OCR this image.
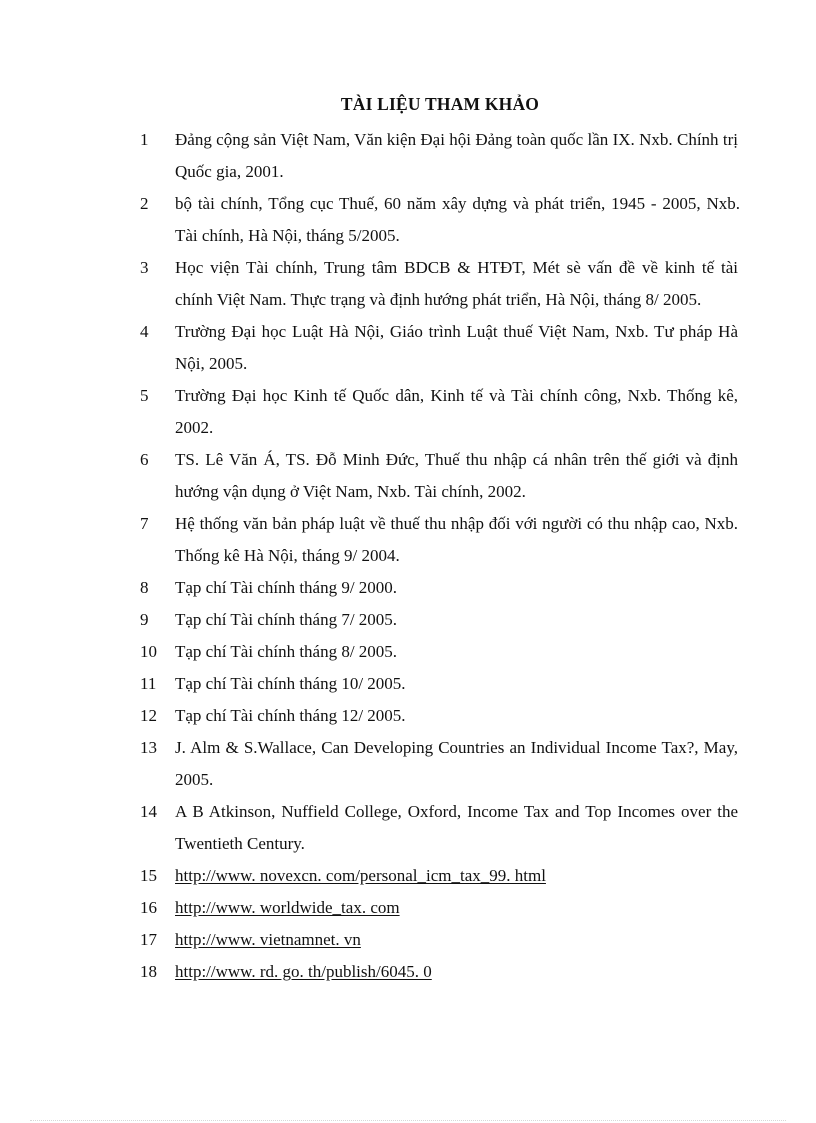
TÀI LIỆU THAM KHẢO
1	Đảng cộng sản Việt Nam, Văn kiện Đại hội Đảng toàn quốc lần IX. Nxb. Chính trị Quốc gia, 2001.
2 bộ tài chính, Tổng cục Thuế, 60 năm xây dựng và phát triển, 1945 - 2005, Nxb. Tài chính, Hà Nội, tháng 5/2005.
3	Học viện Tài chính, Trung tâm BDCB & HTĐT, Mét sè vấn đề về kinh tế tài chính Việt Nam. Thực trạng và định hướng phát triển, Hà Nội, tháng 8/ 2005.
4	Trường Đại học Luật Hà Nội, Giáo trình Luật thuế Việt Nam, Nxb. Tư pháp Hà Nội, 2005.
5	Trường Đại học Kinh tế Quốc dân, Kinh tế và Tài chính công, Nxb. Thống kê, 2002.
6	TS. Lê Văn Á, TS. Đỗ Minh Đức, Thuế thu nhập cá nhân trên thế giới và định hướng vận dụng ở Việt Nam, Nxb. Tài chính, 2002.
7	Hệ thống văn bản pháp luật về thuế thu nhập đối với người có thu nhập cao, Nxb. Thống kê Hà Nội, tháng 9/ 2004.
8	Tạp chí Tài chính tháng 9/ 2000.
9	Tạp chí Tài chính tháng 7/ 2005.
10	Tạp chí Tài chính tháng 8/ 2005.
11	Tạp chí Tài chính tháng 10/ 2005.
12	Tạp chí Tài chính tháng 12/ 2005.
13	J. Alm & S.Wallace, Can Developing Countries an Individual Income Tax?, May, 2005.
14	A B Atkinson, Nuffield College, Oxford, Income Tax and Top Incomes over the Twentieth Century.
15	http://www. novexcn. com/personal_icm_tax_99. html
16	http://www. worldwide_tax. com
17	http://www. vietnamnet. vn
18	http://www. rd. go. th/publish/6045. 0
